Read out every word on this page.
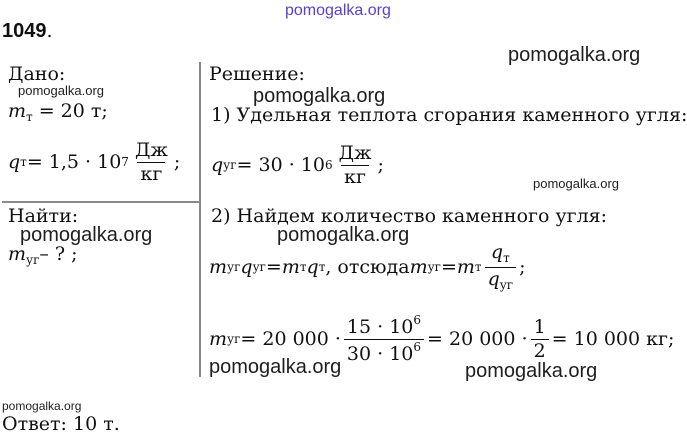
pomogalka.org
pomogalka.org
pomogalka.org	pomogalka.org
pomogalka.org
pomogalka.org	pomogalka.org
pomogalka.org	pomogalka.org
pomogalka.org
1049.
Дано:
$m_т = 20$ т;
q т = 1,5 · 10 $7 \frac{Дж}{кг}$ ;
Найти:
$m_{уг}-$ ? ;
Решение:
1) Удельная теплота сгорания каменного угля:
q уг = 30 · 10 $6 \frac{Дж}{кг}$ ;
2) Найдем количество каменного угля:
m уг q уг = m т q т , отсюда m уг = m т $\frac{q_т}{q_{уг}}$ ;
m уг = 20 $000 \cdot \frac{15 \cdot 10^6}{30 \cdot 10^6} = 20$ $000 \cdot \frac{1}{2} = 10$ 000 кг;
Ответ: 10 т.
